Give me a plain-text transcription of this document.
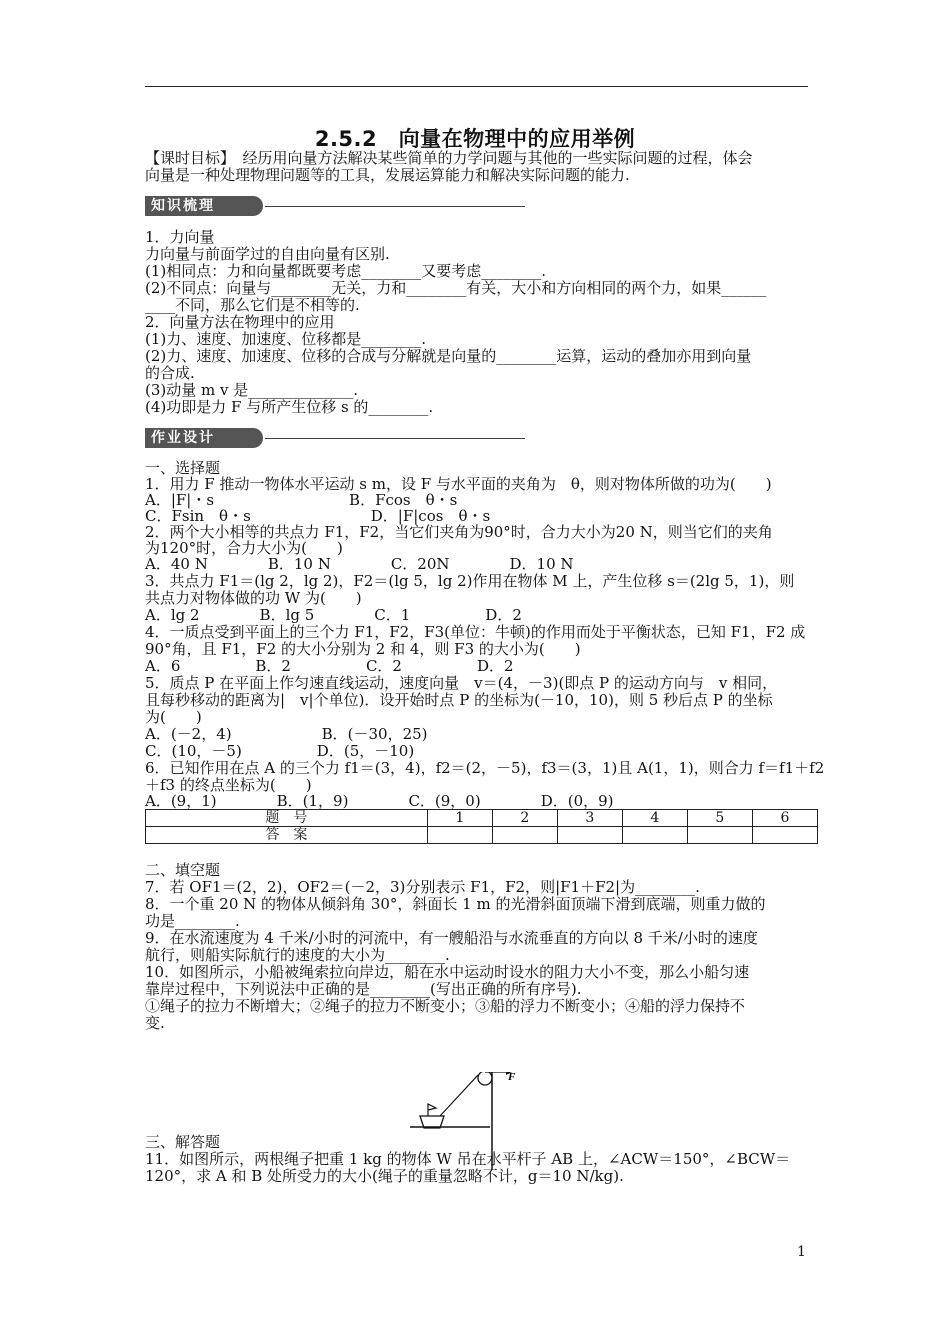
2.5.2　向量在物理中的应用举例
【课时目标】　经历用向量方法解决某些简单的力学问题与其他的一些实际问题的过程，体会
向量是一种处理物理问题等的工具，发展运算能力和解决实际问题的能力.
知识梳理
1．力向量
力向量与前面学过的自由向量有区别.
(1)相同点：力和向量都既要考虑________又要考虑________.
(2)不同点：向量与________无关，力和________有关，大小和方向相同的两个力，如果______
____不同，那么它们是不相等的.
2．向量方法在物理中的应用
(1)力、速度、加速度、位移都是________.
(2)力、速度、加速度、位移的合成与分解就是向量的________运算，运动的叠加亦用到向量
的合成.
(3)动量 m v 是______________.
(4)功即是力 F 与所产生位移 s 的________.
作业设计
一、选择题
1．用力 F 推动一物体水平运动 s m，设 F 与水平面的夹角为　θ，则对物体所做的功为(　　)
A．|F|・s　　　　　　　　　B．Fcos　θ・s
C．Fsin　θ・s　　　　　　　　D．|F|cos　θ・s
2．两个大小相等的共点力 F1，F2，当它们夹角为90°时，合力大小为20 N，则当它们的夹角
为120°时，合力大小为(　　)
A．40 N　　　　B．10 N　　　　C．20N　　　　D．10 N
3．共点力 F1＝(lg 2，lg 2)，F2＝(lg 5，lg 2)作用在物体 M 上，产生位移 s＝(2lg 5，1)，则
共点力对物体做的功 W 为(　　)
A．lg 2　　　　B．lg 5　　　　C．1　　　　　D．2
4．一质点受到平面上的三个力 F1，F2，F3(单位：牛顿)的作用而处于平衡状态，已知 F1，F2 成
90°角，且 F1，F2 的大小分别为 2 和 4，则 F3 的大小为(　　)
A．6　　　　　B．2　　　　　C．2　　　　　D．2
5．质点 P 在平面上作匀速直线运动，速度向量　v＝(4，－3)(即点 P 的运动方向与　v 相同，
且每秒移动的距离为|　v|个单位)．设开始时点 P 的坐标为(－10，10)，则 5 秒后点 P 的坐标
为(　　)
A．(－2，4)　　　　　　B．(－30，25)
C．(10，－5)　　　　　D．(5，－10)
6．已知作用在点 A 的三个力 f1＝(3，4)，f2＝(2，－5)，f3＝(3，1)且 A(1，1)，则合力 f＝f1＋f2
＋f3 的终点坐标为(　　)
A．(9，1)　　　　B．(1，9)　　　　C．(9，0)　　　　D．(0，9)
题　号	1	2	3	4	5	6
答　案						
二、填空题
7．若 OF1＝(2，2)，OF2＝(－2，3)分别表示 F1，F2，则|F1＋F2|为________.
8．一个重 20 N 的物体从倾斜角 30°，斜面长 1 m 的光滑斜面顶端下滑到底端，则重力做的
功是________.
9．在水流速度为 4 千米/小时的河流中，有一艘船沿与水流垂直的方向以 8 千米/小时的速度
航行，则船实际航行的速度的大小为________.
10．如图所示，小船被绳索拉向岸边，船在水中运动时设水的阻力大小不变，那么小船匀速
靠岸过程中，下列说法中正确的是________(写出正确的所有序号).
①绳子的拉力不断增大；②绳子的拉力不断变小；③船的浮力不断变小；④船的浮力保持不
变.
F
三、解答题
11．如图所示，两根绳子把重 1 kg 的物体 W 吊在水平杆子 AB 上，∠ACW＝150°，∠BCW＝
120°，求 A 和 B 处所受力的大小(绳子的重量忽略不计，g＝10 N/kg).
1
